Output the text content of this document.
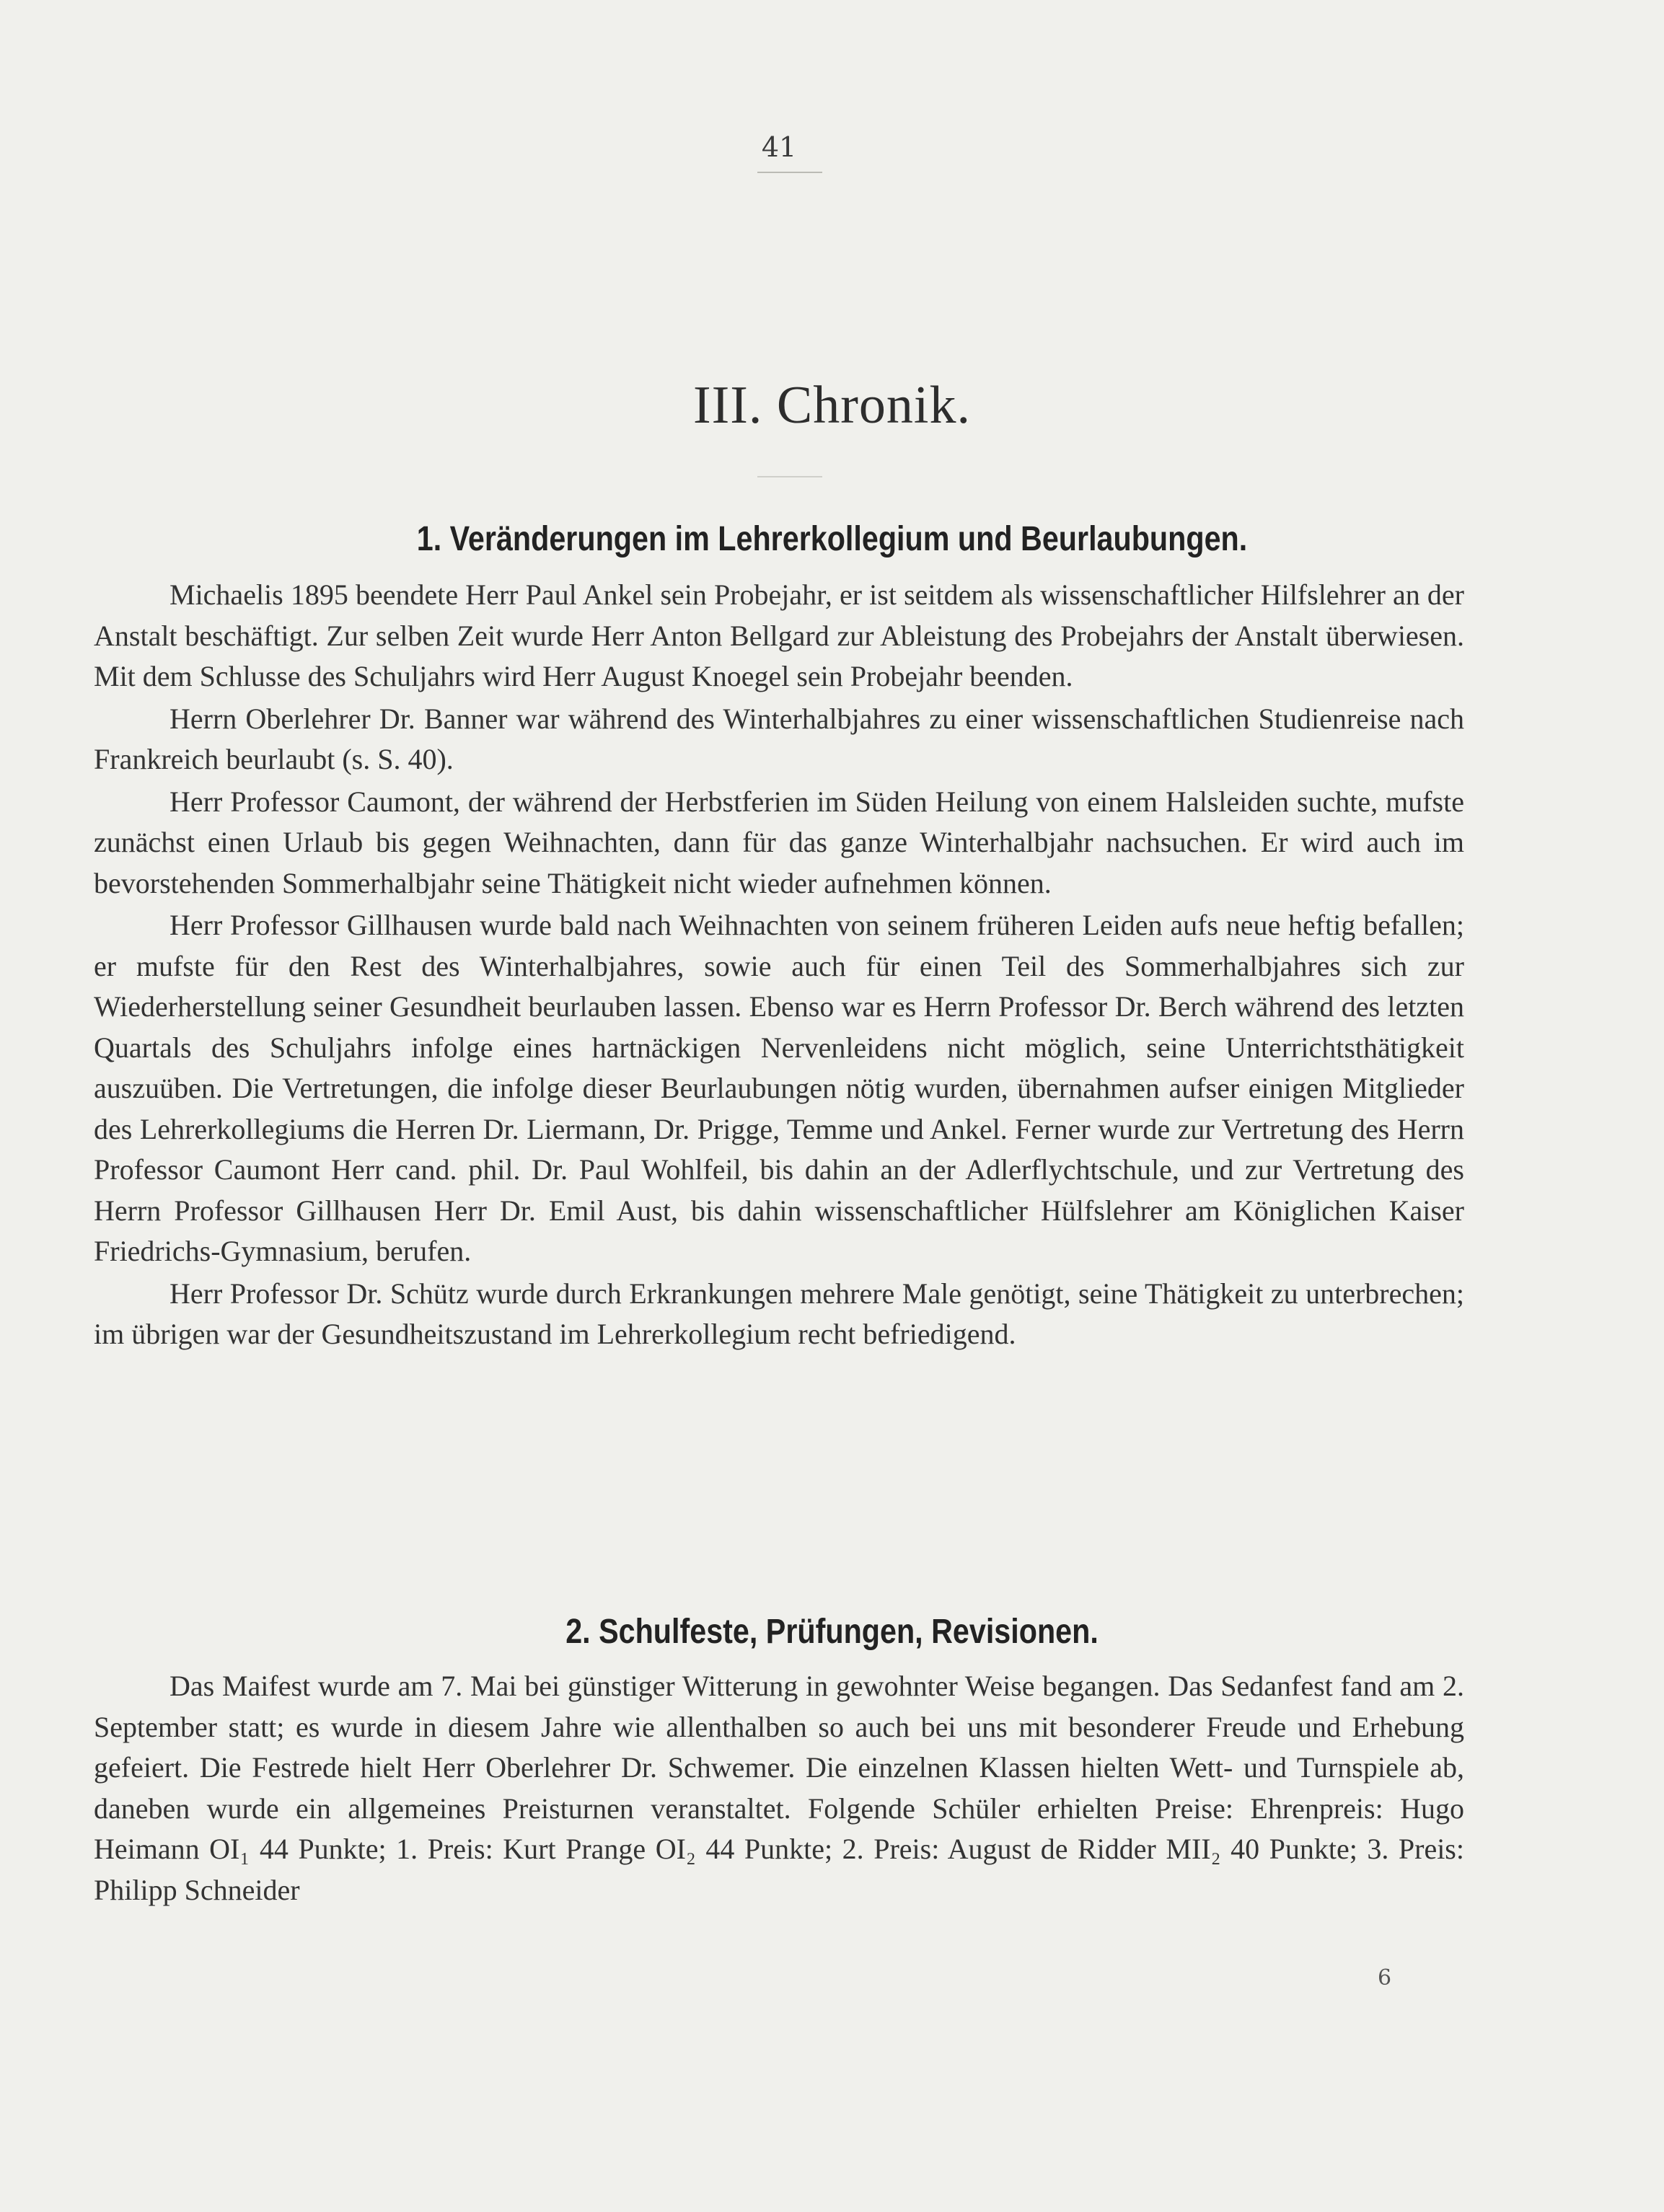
41
III. Chronik.
1. Veränderungen im Lehrerkollegium und Beurlaubungen.

Michaelis 1895 beendete Herr Paul Ankel sein Probejahr, er ist seitdem als wissenschaftlicher Hilfslehrer an der Anstalt beschäftigt. Zur selben Zeit wurde Herr Anton Bellgard zur Ableistung des Probejahrs der Anstalt überwiesen. Mit dem Schlusse des Schuljahrs wird Herr August Knoegel sein Probejahr beenden.

Herrn Oberlehrer Dr. Banner war während des Winterhalbjahres zu einer wissenschaftlichen Studienreise nach Frankreich beurlaubt (s. S. 40).

Herr Professor Caumont, der während der Herbstferien im Süden Heilung von einem Halsleiden suchte, mufste zunächst einen Urlaub bis gegen Weihnachten, dann für das ganze Winterhalbjahr nachsuchen. Er wird auch im bevorstehenden Sommerhalbjahr seine Thätigkeit nicht wieder aufnehmen können.

Herr Professor Gillhausen wurde bald nach Weihnachten von seinem früheren Leiden aufs neue heftig befallen; er mufste für den Rest des Winterhalbjahres, sowie auch für einen Teil des Sommerhalbjahres sich zur Wiederherstellung seiner Gesundheit beurlauben lassen. Ebenso war es Herrn Professor Dr. Berch während des letzten Quartals des Schuljahrs infolge eines hartnäckigen Nervenleidens nicht möglich, seine Unterrichtsthätigkeit auszuüben. Die Vertretungen, die infolge dieser Beurlaubungen nötig wurden, übernahmen aufser einigen Mitglieder des Lehrerkollegiums die Herren Dr. Liermann, Dr. Prigge, Temme und Ankel. Ferner wurde zur Vertretung des Herrn Professor Caumont Herr cand. phil. Dr. Paul Wohlfeil, bis dahin an der Adlerflychtschule, und zur Vertretung des Herrn Professor Gillhausen Herr Dr. Emil Aust, bis dahin wissenschaftlicher Hülfslehrer am Königlichen Kaiser Friedrichs-Gymnasium, berufen.

Herr Professor Dr. Schütz wurde durch Erkrankungen mehrere Male genötigt, seine Thätigkeit zu unterbrechen; im übrigen war der Gesundheitszustand im Lehrerkollegium recht befriedigend.

2. Schulfeste, Prüfungen, Revisionen.

Das Maifest wurde am 7. Mai bei günstiger Witterung in gewohnter Weise begangen. Das Sedanfest fand am 2. September statt; es wurde in diesem Jahre wie allenthalben so auch bei uns mit besonderer Freude und Erhebung gefeiert. Die Festrede hielt Herr Oberlehrer Dr. Schwemer. Die einzelnen Klassen hielten Wett- und Turnspiele ab, daneben wurde ein allgemeines Preisturnen veranstaltet. Folgende Schüler erhielten Preise: Ehrenpreis: Hugo Heimann OI₁ 44 Punkte; 1. Preis: Kurt Prange OI₂ 44 Punkte; 2. Preis: August de Ridder MII₂ 40 Punkte; 3. Preis: Philipp Schneider

6
